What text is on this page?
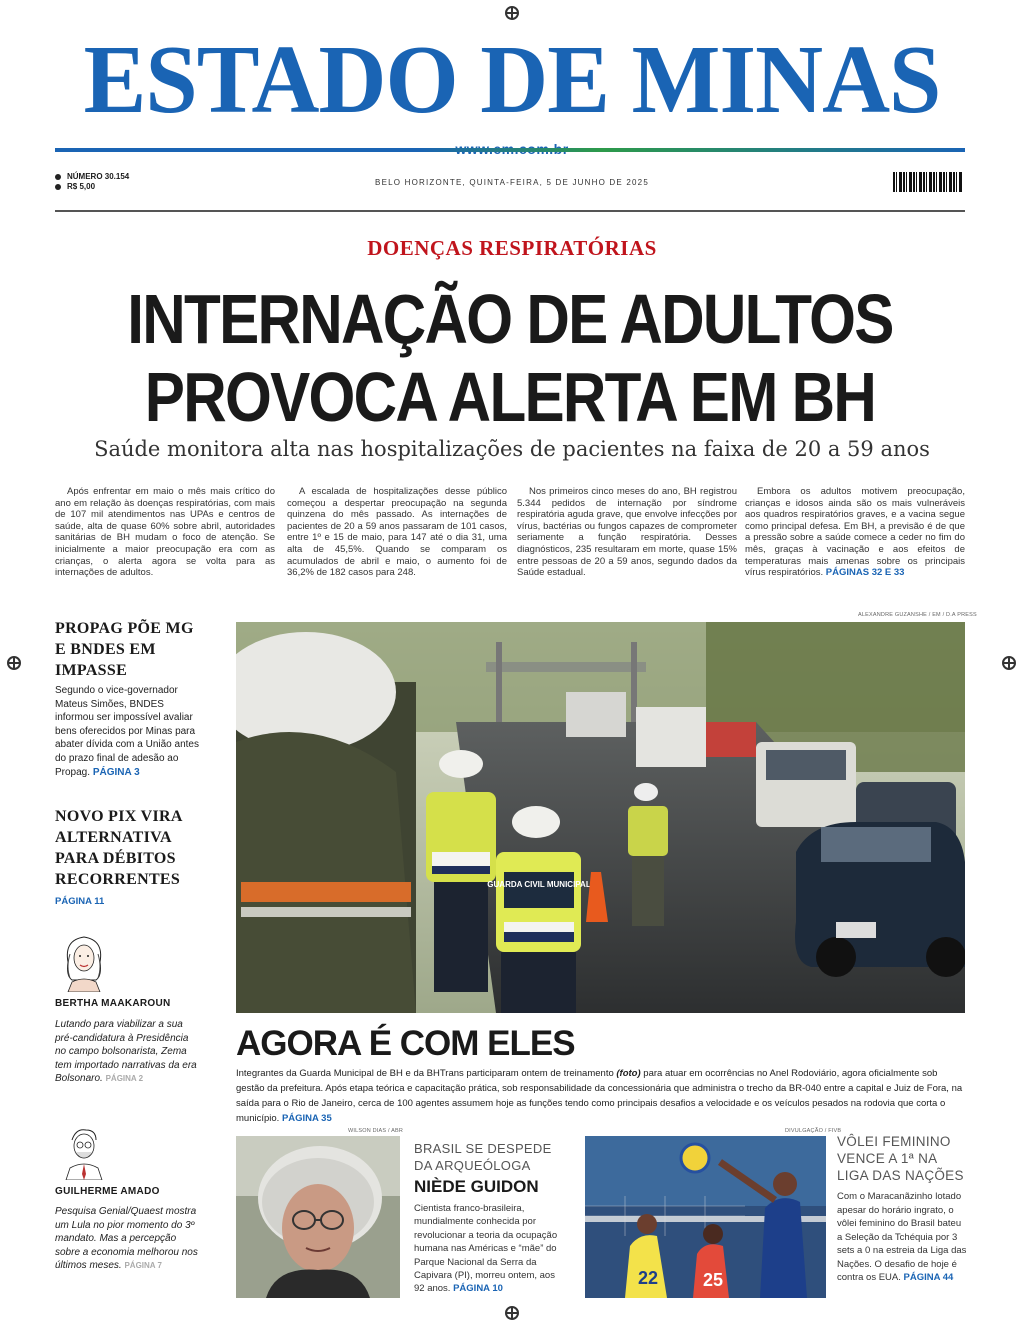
ESTADO DE MINAS
NÚMERO 30.154
R$ 5,00	BELO HORIZONTE, QUINTA-FEIRA, 5 DE JUNHO DE 2025
DOENÇAS RESPIRATÓRIAS
INTERNAÇÃO DE ADULTOS
PROVOCA ALERTA EM BH
Saúde monitora alta nas hospitalizações de pacientes na faixa de 20 a 59 anos
Após enfrentar em maio o mês mais crítico do ano em relação às doenças respiratórias, com mais de 107 mil atendimentos nas UPAs e centros de saúde, alta de quase 60% sobre abril, autoridades sanitárias de BH mudam o foco de atenção. Se inicialmente a maior preocupação era com as crianças, o alerta agora se volta para as internações de adultos.
A escalada de hospitalizações desse público começou a despertar preocupação na segunda quinzena do mês passado. As internações de pacientes de 20 a 59 anos passaram de 101 casos, entre 1º e 15 de maio, para 147 até o dia 31, uma alta de 45,5%. Quando se comparam os acumulados de abril e maio, o aumento foi de 36,2% de 182 casos para 248.
Nos primeiros cinco meses do ano, BH registrou 5.344 pedidos de internação por síndrome respiratória aguda grave, que envolve infecções por vírus, bactérias ou fungos capazes de comprometer seriamente a função respiratória. Desses diagnósticos, 235 resultaram em morte, quase 15% entre pessoas de 20 a 59 anos, segundo dados da Saúde estadual.
Embora os adultos motivem preocupação, crianças e idosos ainda são os mais vulneráveis aos quadros respiratórios graves, e a vacina segue como principal defesa. Em BH, a previsão é de que a pressão sobre a saúde comece a ceder no fim do mês, graças à vacinação e aos efeitos de temperaturas mais amenas sobre os principais vírus respiratórios. PÁGINAS 32 E 33
PROPAG PÕE MG E BNDES EM IMPASSE
Segundo o vice-governador Mateus Simões, BNDES informou ser impossível avaliar bens oferecidos por Minas para abater dívida com a União antes do prazo final de adesão ao Propag. PÁGINA 3
NOVO PIX VIRA ALTERNATIVA PARA DÉBITOS RECORRENTES
PÁGINA 11
BERTHA MAAKAROUN
Lutando para viabilizar a sua pré-candidatura à Presidência no campo bolsonarista, Zema tem importado narrativas da era Bolsonaro. PÁGINA 2
GUILHERME AMADO
Pesquisa Genial/Quaest mostra um Lula no pior momento do 3º mandato. Mas a percepção sobre a economia melhorou nos últimos meses. PÁGINA 7
ALEXANDRE GUZANSHE / EM / D.A PRESS
GUARDA CIVIL MUNICIPAL
AGORA É COM ELES
Integrantes da Guarda Municipal de BH e da BHTrans participaram ontem de treinamento (foto) para atuar em ocorrências no Anel Rodoviário, agora oficialmente sob gestão da prefeitura. Após etapa teórica e capacitação prática, sob responsabilidade da concessionária que administra o trecho da BR-040 entre a capital e Juiz de Fora, na saída para o Rio de Janeiro, cerca de 100 agentes assumem hoje as funções tendo como principais desafios a velocidade e os veículos pesados na rodovia que corta o município. PÁGINA 35
WILSON DIAS / ABR
BRASIL SE DESPEDE DA ARQUEÓLOGA
NIÈDE GUIDON
Cientista franco-brasileira, mundialmente conhecida por revolucionar a teoria da ocupação humana nas Américas e “mãe” do Parque Nacional da Serra da Capivara (PI), morreu ontem, aos 92 anos. PÁGINA 10
DIVULGAÇÃO / FIVB
22 25
VÔLEI FEMININO VENCE A 1ª NA LIGA DAS NAÇÕES
Com o Maracanãzinho lotado apesar do horário ingrato, o vôlei feminino do Brasil bateu a Seleção da Tchéquia por 3 sets a 0 na estreia da Liga das Nações. O desafio de hoje é contra os EUA. PÁGINA 44
